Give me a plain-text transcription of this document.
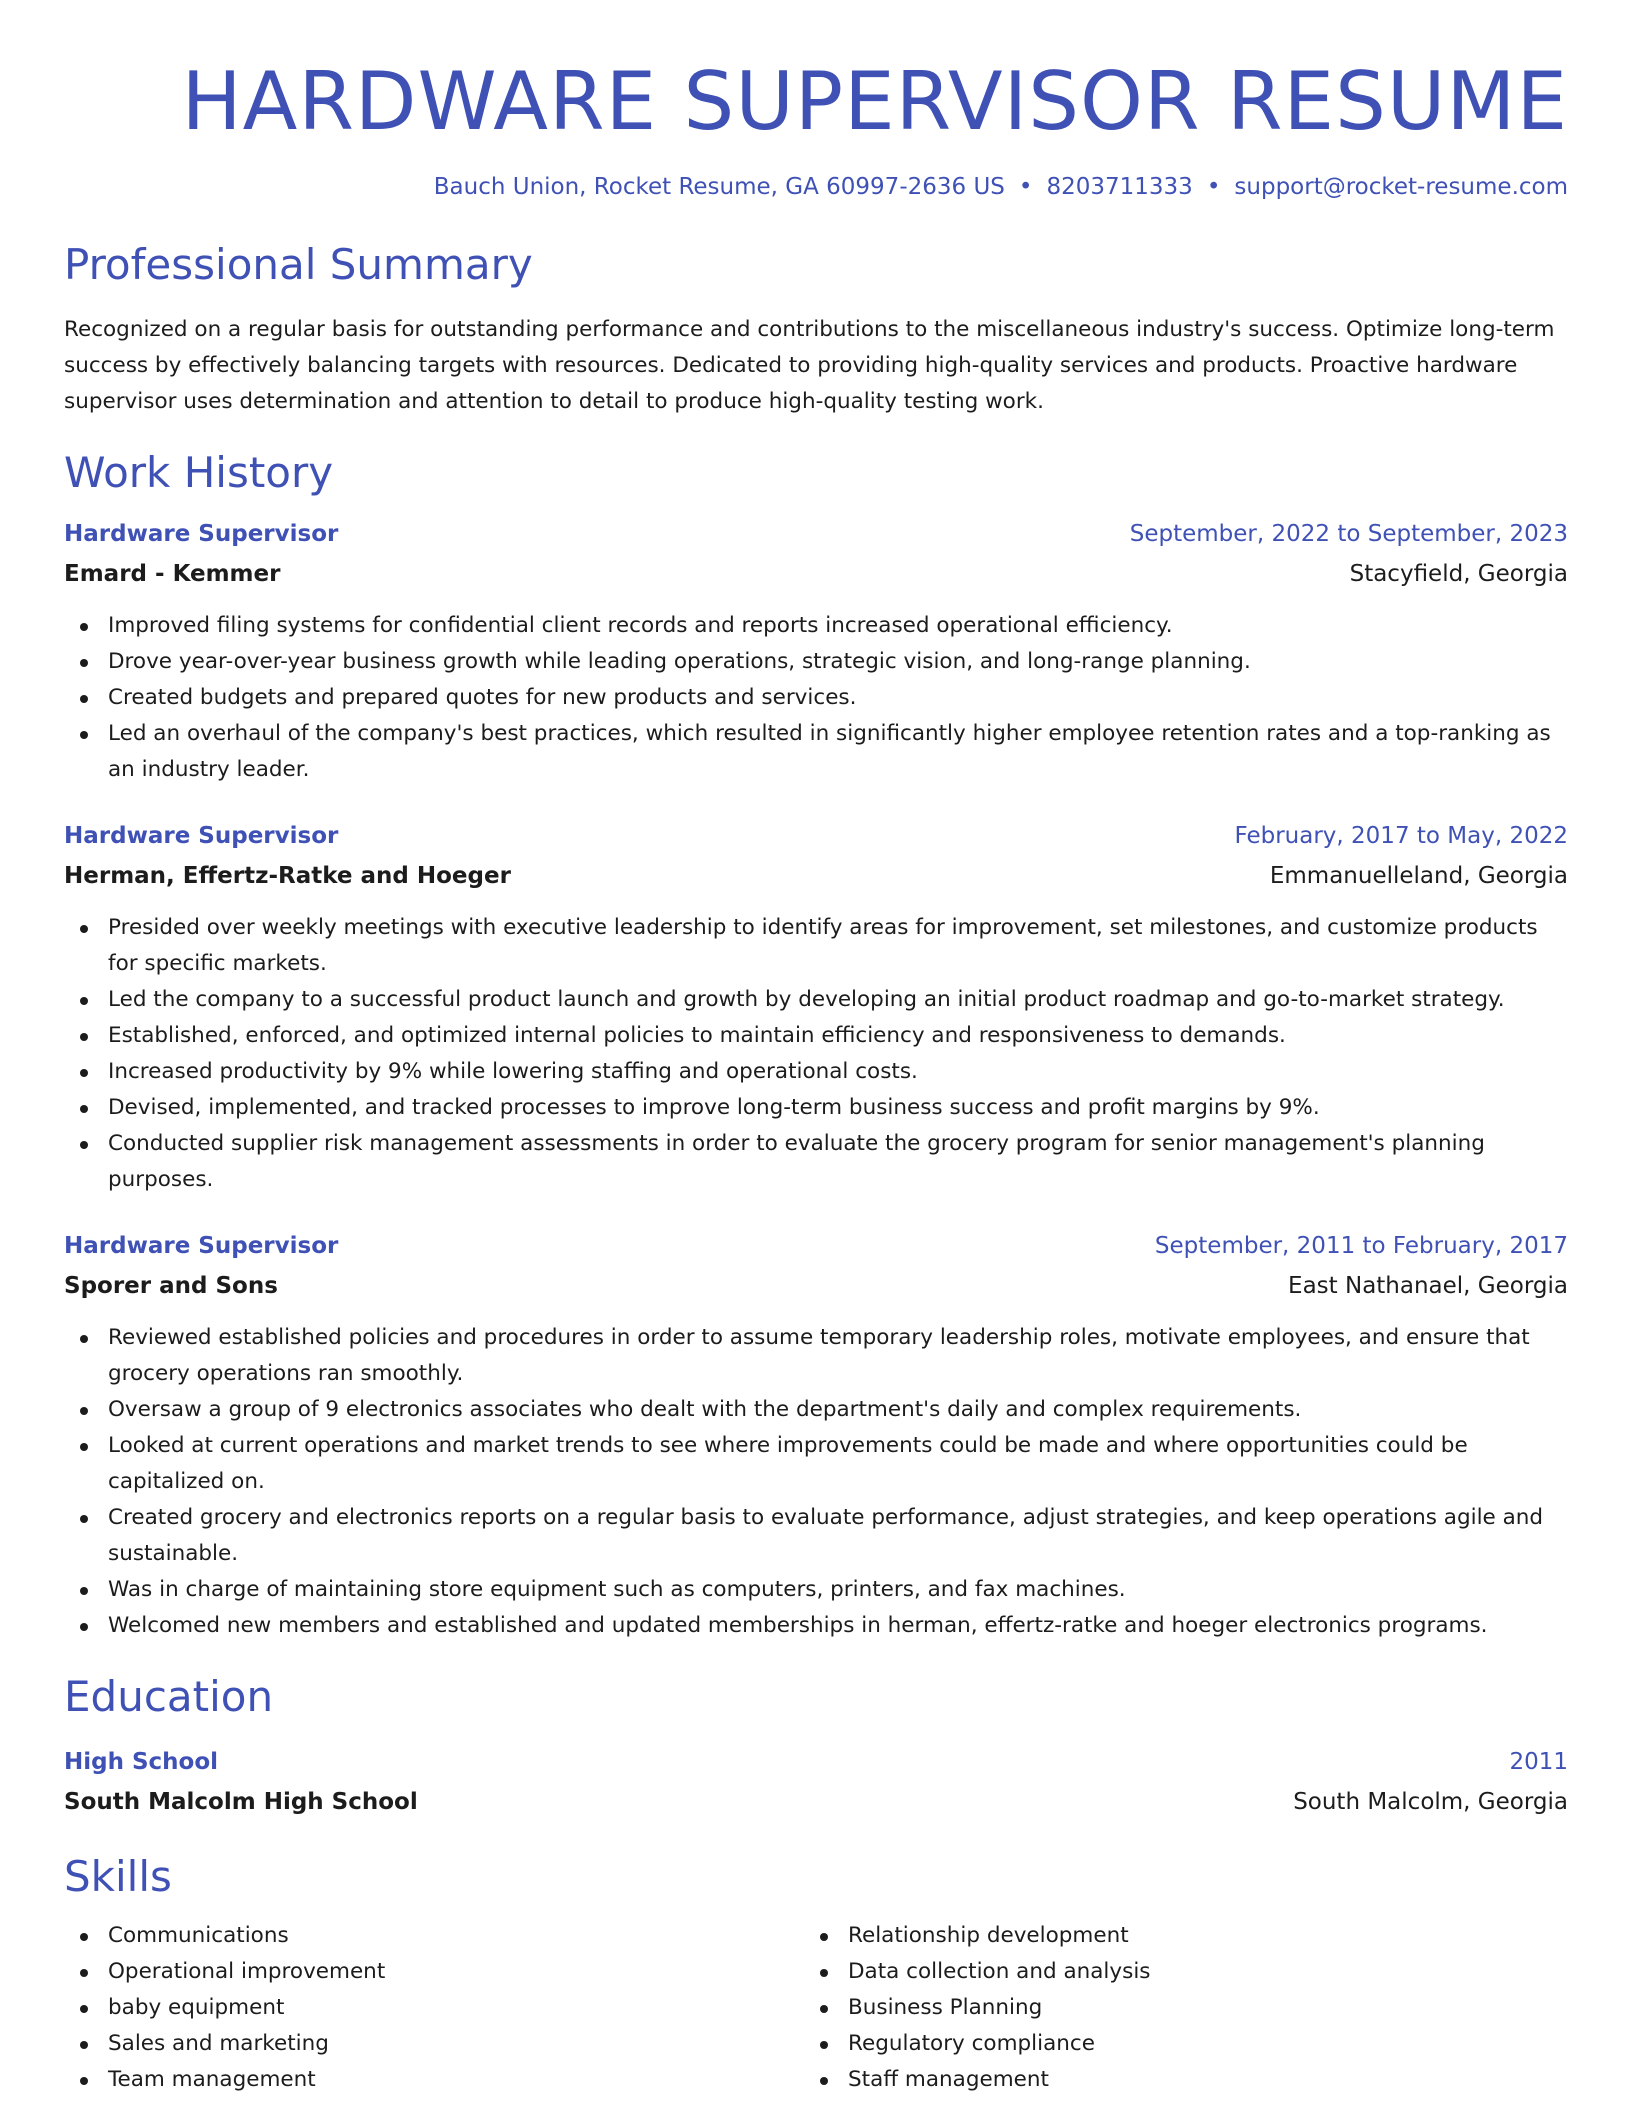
HARDWARE SUPERVISOR RESUME
Bauch Union, Rocket Resume, GA 60997-2636 US • 8203711333 • support@rocket-resume.com
Professional Summary

Recognized on a regular basis for outstanding performance and contributions to the miscellaneous industry's success. Optimize long-term success by effectively balancing targets with resources. Dedicated to providing high-quality services and products. Proactive hardware supervisor uses determination and attention to detail to produce high-quality testing work.

Work History
Hardware Supervisor	September, 2022 to September, 2023
Emard - Kemmer	Stacyfield, Georgia
Improved filing systems for confidential client records and reports increased operational efficiency.
Drove year-over-year business growth while leading operations, strategic vision, and long-range planning.
Created budgets and prepared quotes for new products and services.
Led an overhaul of the company's best practices, which resulted in significantly higher employee retention rates and a top-ranking as an industry leader.
Hardware Supervisor	February, 2017 to May, 2022
Herman, Effertz-Ratke and Hoeger	Emmanuelleland, Georgia
Presided over weekly meetings with executive leadership to identify areas for improvement, set milestones, and customize products for specific markets.
Led the company to a successful product launch and growth by developing an initial product roadmap and go-to-market strategy.
Established, enforced, and optimized internal policies to maintain efficiency and responsiveness to demands.
Increased productivity by 9% while lowering staffing and operational costs.
Devised, implemented, and tracked processes to improve long-term business success and profit margins by 9%.
Conducted supplier risk management assessments in order to evaluate the grocery program for senior management's planning purposes.
Hardware Supervisor	September, 2011 to February, 2017
Sporer and Sons	East Nathanael, Georgia
Reviewed established policies and procedures in order to assume temporary leadership roles, motivate employees, and ensure that grocery operations ran smoothly.
Oversaw a group of 9 electronics associates who dealt with the department's daily and complex requirements.
Looked at current operations and market trends to see where improvements could be made and where opportunities could be capitalized on.
Created grocery and electronics reports on a regular basis to evaluate performance, adjust strategies, and keep operations agile and sustainable.
Was in charge of maintaining store equipment such as computers, printers, and fax machines.
Welcomed new members and established and updated memberships in herman, effertz-ratke and hoeger electronics programs.
Education
High School	2011
South Malcolm High School	South Malcolm, Georgia
Skills
Communications
Operational improvement
baby equipment
Sales and marketing
Team management
Relationship development
Data collection and analysis
Business Planning
Regulatory compliance
Staff management
